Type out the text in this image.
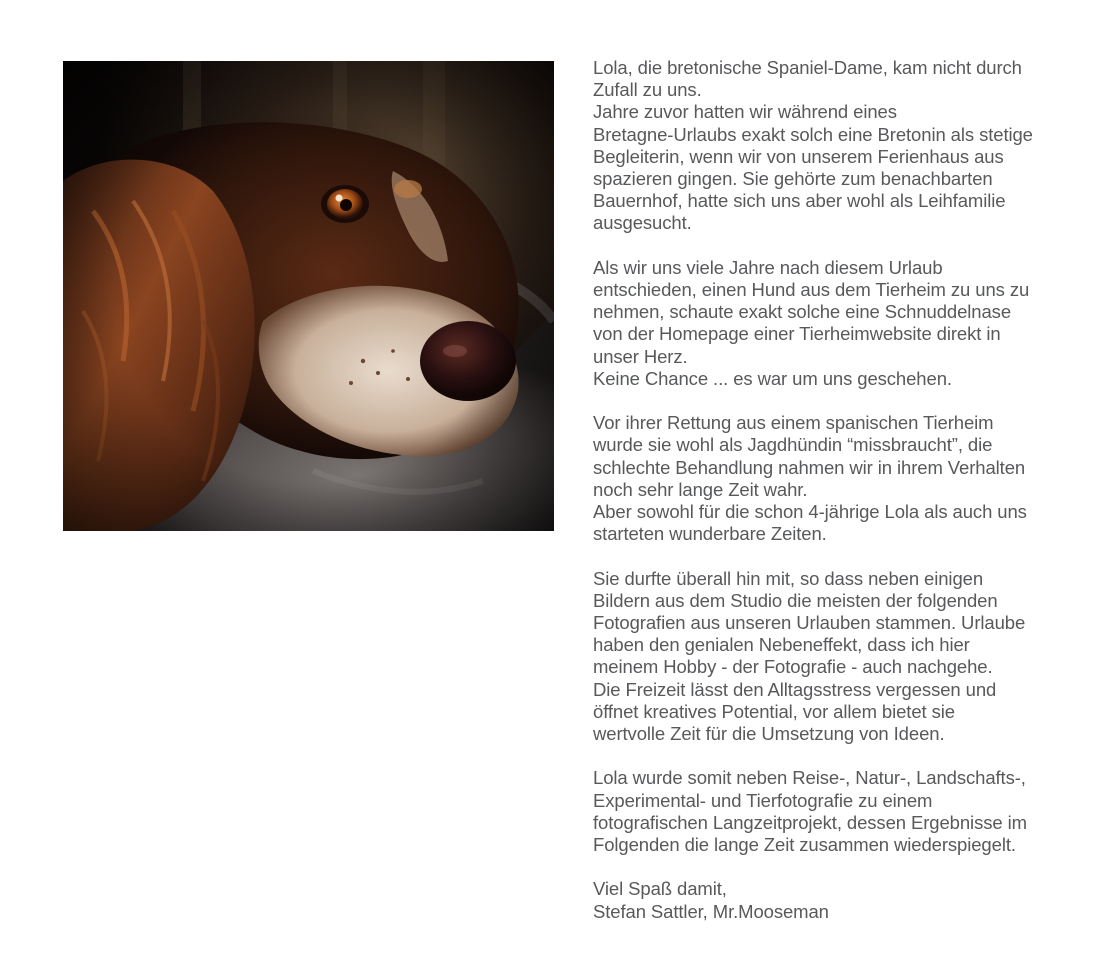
Lola, die bretonische Spaniel-Dame, kam nicht durch
Zufall zu uns.
Jahre zuvor hatten wir während eines
Bretagne-Urlaubs exakt solch eine Bretonin als stetige
Begleiterin, wenn wir von unserem Ferienhaus aus
spazieren gingen. Sie gehörte zum benachbarten
Bauernhof, hatte sich uns aber wohl als Leihfamilie
ausgesucht.

Als wir uns viele Jahre nach diesem Urlaub
entschieden, einen Hund aus dem Tierheim zu uns zu
nehmen, schaute exakt solche eine Schnuddelnase
von der Homepage einer Tierheimwebsite direkt in
unser Herz.
Keine Chance ... es war um uns geschehen.

Vor ihrer Rettung aus einem spanischen Tierheim
wurde sie wohl als Jagdhündin “missbraucht”, die
schlechte Behandlung nahmen wir in ihrem Verhalten
noch sehr lange Zeit wahr.
Aber sowohl für die schon 4-jährige Lola als auch uns
starteten wunderbare Zeiten.

Sie durfte überall hin mit, so dass neben einigen
Bildern aus dem Studio die meisten der folgenden
Fotografien aus unseren Urlauben stammen. Urlaube
haben den genialen Nebeneffekt, dass ich hier
meinem Hobby - der Fotografie - auch nachgehe.
Die Freizeit lässt den Alltagsstress vergessen und
öffnet kreatives Potential, vor allem bietet sie
wertvolle Zeit für die Umsetzung von Ideen.

Lola wurde somit neben Reise-, Natur-, Landschafts-,
Experimental- und Tierfotografie zu einem
fotografischen Langzeitprojekt, dessen Ergebnisse im
Folgenden die lange Zeit zusammen wiederspiegelt.

Viel Spaß damit,
Stefan Sattler, Mr.Mooseman
